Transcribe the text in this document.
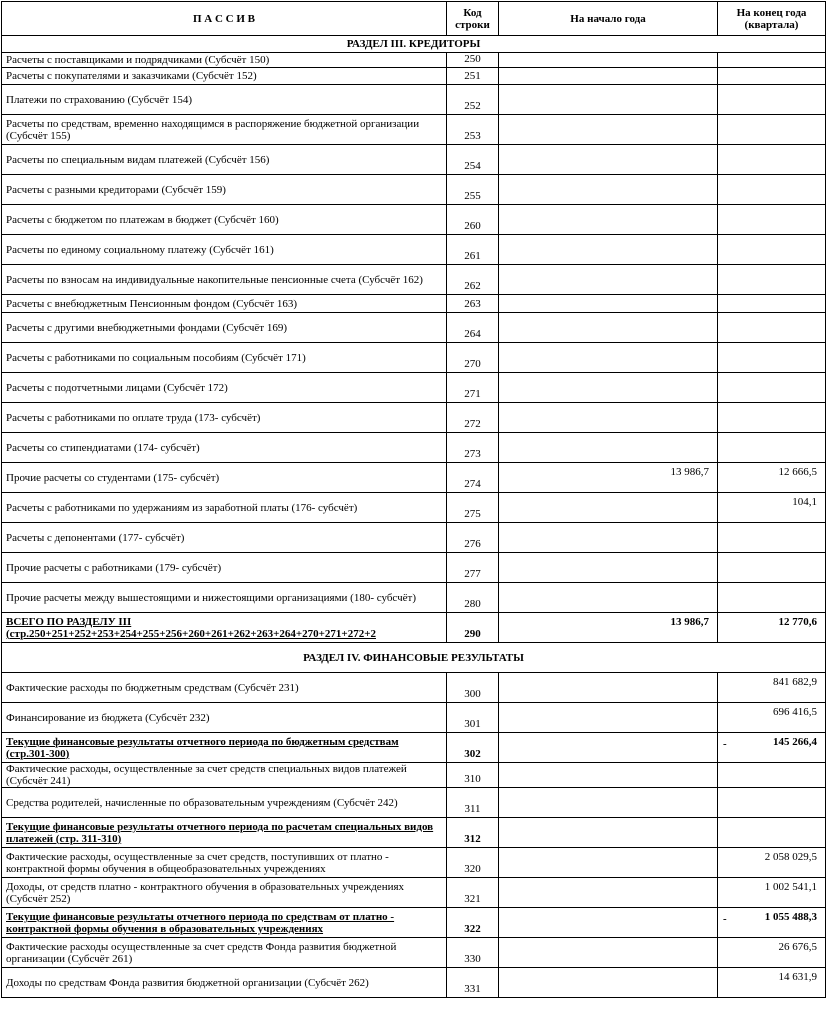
П А С С И В	Код строки	На начало года	На конец года (квартала)
РАЗДЕЛ III. КРЕДИТОРЫ			
Расчеты с поставщиками и подрядчиками (Субсчёт 150)	250		
Расчеты с покупателями и заказчиками (Субсчёт 152)	251		
Платежи по страхованию (Субсчёт 154)	252		
Расчеты по средствам, временно находящимся в распоряжение бюджетной организации (Субсчёт 155)	253		
Расчеты по специальным видам платежей (Субсчёт 156)	254		
Расчеты с разными кредиторами (Субсчёт 159)	255		
Расчеты с бюджетом по платежам в бюджет (Субсчёт 160)	260		
Расчеты по единому социальному платежу (Субсчёт 161)	261		
Расчеты по взносам на индивидуальные накопительные пенсионные счета (Субсчёт 162)	262		
Расчеты с внебюджетным Пенсионным фондом (Субсчёт 163)	263		
Расчеты с другими внебюджетными фондами (Субсчёт 169)	264		
Расчеты с работниками по социальным пособиям (Субсчёт 171)	270		
Расчеты с подотчетными лицами (Субсчёт 172)	271		
Расчеты с работниками по оплате труда (173- субсчёт)	272		
Расчеты со стипендиатами (174- субсчёт)	273		
Прочие расчеты со студентами (175- субсчёт)	274	13 986,7	12 666,5
Расчеты с работниками по удержаниям из заработной платы (176- субсчёт)	275		104,1
Расчеты с депонентами (177- субсчёт)	276		
Прочие расчеты с работниками (179- субсчёт)	277		
Прочие расчеты между вышестоящими и нижестоящими организациями (180- субсчёт)	280		
ВСЕГО ПО РАЗДЕЛУ III (стр.250+251+252+253+254+255+256+260+261+262+263+264+270+271+272+2	290	13 986,7	12 770,6
РАЗДЕЛ IV. ФИНАНСОВЫЕ РЕЗУЛЬТАТЫ			
Фактические расходы по бюджетным средствам (Субсчёт 231)	300		841 682,9
Финансирование из бюджета (Субсчёт 232)	301		696 416,5
Текущие финансовые результаты отчетного периода по бюджетным средствам (стр.301-300)	302		- 145 266,4
Фактические расходы, осуществленные за счет средств специальных видов платежей (Субсчёт 241)	310		
Средства родителей, начисленные по образовательным учреждениям (Субсчёт 242)	311		
Текущие финансовые результаты отчетного периода по расчетам специальных видов платежей (стр. 311-310)	312		
Фактические расходы, осуществленные за счет средств, поступивших от платно - контрактной формы обучения в общеобразовательных учреждениях	320		2 058 029,5
Доходы, от средств платно - контрактного обучения в образовательных учреждениях (Субсчёт 252)	321		1 002 541,1
Текущие финансовые результаты отчетного периода по средствам от платно - контрактной формы обучения в образовательных учреждениях	322		- 1 055 488,3
Фактические расходы осуществленные за счет средств Фонда развития бюджетной организации (Субсчёт 261)	330		26 676,5
Доходы по средствам Фонда развития бюджетной организации (Субсчёт 262)	331		14 631,9
